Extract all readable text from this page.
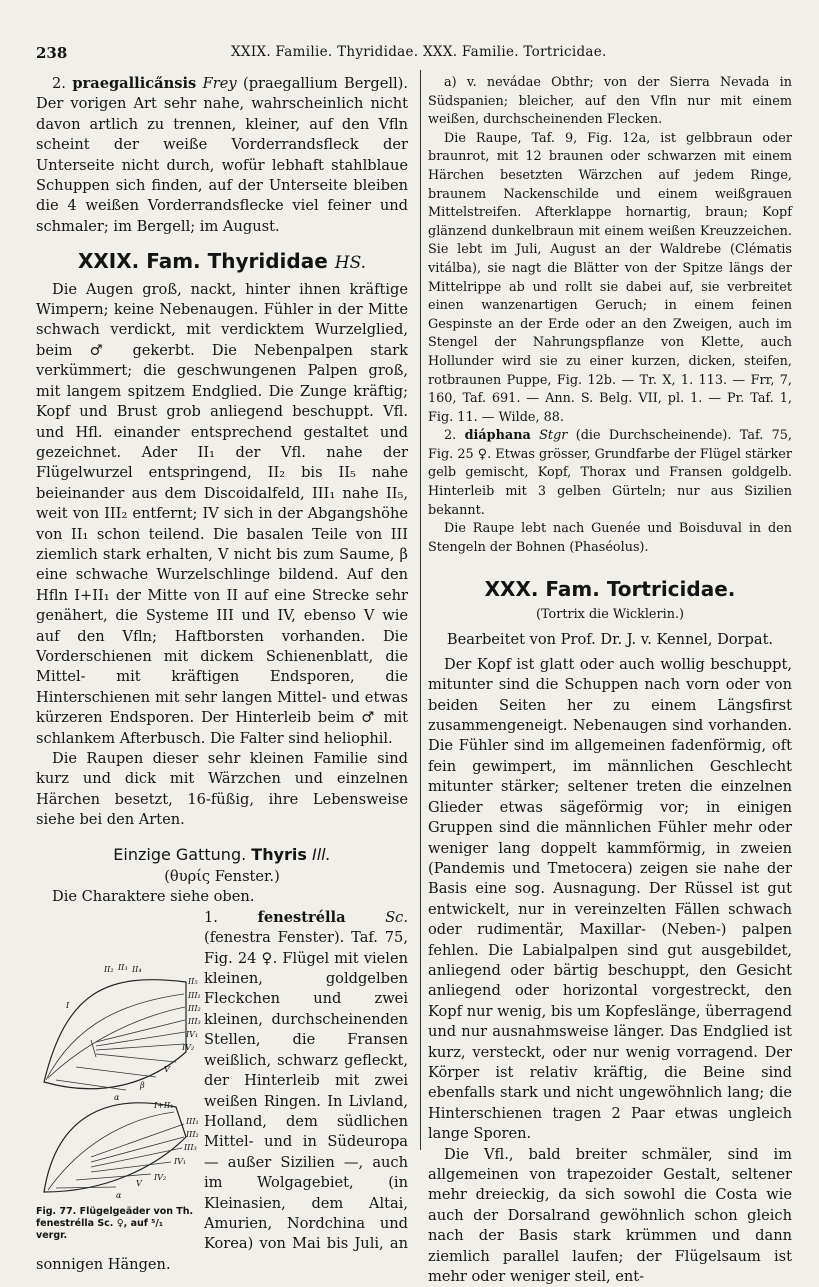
238	XXIX. Familie. Thyrididae. XXX. Familie. Tortricidae.

2. praegallica̋nsis Frey (praegallium Bergell). Der vorigen Art sehr nahe, wahrscheinlich nicht davon artlich zu trennen, kleiner, auf den Vfln scheint der weiße Vorderrandsfleck der Unterseite nicht durch, wofür lebhaft stahlblaue Schuppen sich finden, auf der Unterseite bleiben die 4 weißen Vorderrandsflecke viel feiner und schmaler; im Bergell; im August.

XXIX. Fam. Thyrididae HS.

Die Augen groß, nackt, hinter ihnen kräftige Wimpern; keine Nebenaugen. Fühler in der Mitte schwach verdickt, mit verdicktem Wurzelglied, beim ♂ gekerbt. Die Nebenpalpen stark verkümmert; die geschwungenen Palpen groß, mit langem spitzem Endglied. Die Zunge kräftig; Kopf und Brust grob anliegend beschuppt. Vfl. und Hfl. einander entsprechend gestaltet und gezeichnet. Ader II₁ der Vfl. nahe der Flügelwurzel entspringend, II₂ bis II₅ nahe beieinander aus dem Discoidalfeld, III₁ nahe II₅, weit von III₂ entfernt; IV sich in der Abgangshöhe von II₁ schon teilend. Die basalen Teile von III ziemlich stark erhalten, V nicht bis zum Saume, β eine schwache Wurzelschlinge bildend. Auf den Hfln I+II₁ der Mitte von II auf eine Strecke sehr genähert, die Systeme III und IV, ebenso V wie auf den Vfln; Haftborsten vorhanden. Die Vorderschienen mit dickem Schienenblatt, die Mittel- mit kräftigen Endsporen, die Hinterschienen mit sehr langen Mittel- und etwas kürzeren Endsporen. Der Hinterleib beim ♂ mit schlankem Afterbusch. Die Falter sind heliophil.

Die Raupen dieser sehr kleinen Familie sind kurz und dick mit Wärzchen und einzelnen Härchen besetzt, 16-füßig, ihre Lebensweise siehe bei den Arten.

Einzige Gattung. Thyris Ill.

(θυρίς Fenster.)

Die Charaktere siehe oben.

II₂ II₃ II₄
II₅
I
III₁
III₂
III₃
IV₁
IV₂
V
β
α
I+II₁
III₁
III₂
III₃
IV₁
IV₂
V
α
Fig. 77. Flügelgeäder von Th. fenestrélla Sc. ♀, auf ⁵/₁ vergr.

1.	fenestrélla	Sc. (fenestra Fenster). Taf. 75, Fig. 24 ♀. Flügel mit vielen kleinen, goldgelben Fleckchen und zwei kleinen, durchscheinenden Stellen, die Fransen weißlich, schwarz gefleckt, der Hinterleib mit zwei weißen Ringen. In Livland, Holland, dem südlichen Mittel- und in Südeuropa — außer Sizilien —, auch im Wolgagebiet, (in Kleinasien, dem Altai, Amurien, Nordchina und Korea) von Mai bis Juli, an sonnigen Hängen.

a) v. nevádae Obthr; von der Sierra Nevada in Südspanien; bleicher, auf den Vfln nur mit einem weißen, durchscheinenden Flecken.

Die Raupe, Taf. 9, Fig. 12a, ist gelbbraun oder braunrot, mit 12 braunen oder schwarzen mit einem Härchen besetzten Wärzchen auf jedem Ringe, braunem Nackenschilde und einem weißgrauen Mittelstreifen. Afterklappe hornartig, braun; Kopf glänzend dunkelbraun mit einem weißen Kreuzzeichen. Sie lebt im Juli, August an der Waldrebe (Clématis vitálba), sie nagt die Blätter von der Spitze längs der Mittelrippe ab und rollt sie dabei auf, sie verbreitet einen wanzenartigen Geruch; in einem feinen Gespinste an der Erde oder an den Zweigen, auch im Stengel der Nahrungspflanze von Klette, auch Hollunder wird sie zu einer kurzen, dicken, steifen, rotbraunen Puppe, Fig. 12b. — Tr. X, 1. 113. — Frr, 7, 160, Taf. 691. — Ann. S. Belg. VII, pl. 1. — Pr. Taf. 1, Fig. 11. — Wilde, 88.

2. diáphana Stgr (die Durchscheinende). Taf. 75, Fig. 25 ♀. Etwas grösser, Grundfarbe der Flügel stärker gelb gemischt, Kopf, Thorax und Fransen goldgelb. Hinterleib mit 3 gelben Gürteln; nur aus Sizilien bekannt.

Die Raupe lebt nach Guenée und Boisduval in den Stengeln der Bohnen (Phaséolus).

XXX. Fam. Tortricidae.

(Tortrix die Wicklerin.)

Bearbeitet von Prof. Dr. J. v. Kennel, Dorpat.

Der Kopf ist glatt oder auch wollig beschuppt, mitunter sind die Schuppen nach vorn oder von beiden Seiten her zu einem Längsfirst zusammengeneigt. Nebenaugen sind vorhanden. Die Fühler sind im allgemeinen fadenförmig, oft fein gewimpert, im männlichen Geschlecht mitunter stärker; seltener treten die einzelnen Glieder etwas sägeförmig vor; in einigen Gruppen sind die männlichen Fühler mehr oder weniger lang doppelt kammförmig, in zweien (Pandemis und Tmetocera) zeigen sie nahe der Basis eine sog. Ausnagung. Der Rüssel ist gut entwickelt, nur in vereinzelten Fällen schwach oder rudimentär, Maxillar- (Neben-) palpen fehlen. Die Labialpalpen sind gut ausgebildet, anliegend oder bärtig beschuppt, den Gesicht anliegend oder horizontal vorgestreckt, den Kopf nur wenig, bis um Kopfeslänge, überragend und nur ausnahmsweise länger. Das Endglied ist kurz, versteckt, oder nur wenig vorragend. Der Körper ist relativ kräftig, die Beine sind ebenfalls stark und nicht ungewöhnlich lang; die Hinterschienen tragen 2 Paar etwas ungleich lange Sporen.

Die Vfl., bald breiter schmäler, sind im allgemeinen von trapezoider Gestalt, seltener mehr dreieckig, da sich sowohl die Costa wie auch der Dorsalrand gewöhnlich schon gleich nach der Basis stark krümmen und dann ziemlich parallel laufen; der Flügelsaum ist mehr oder weniger steil, ent-
